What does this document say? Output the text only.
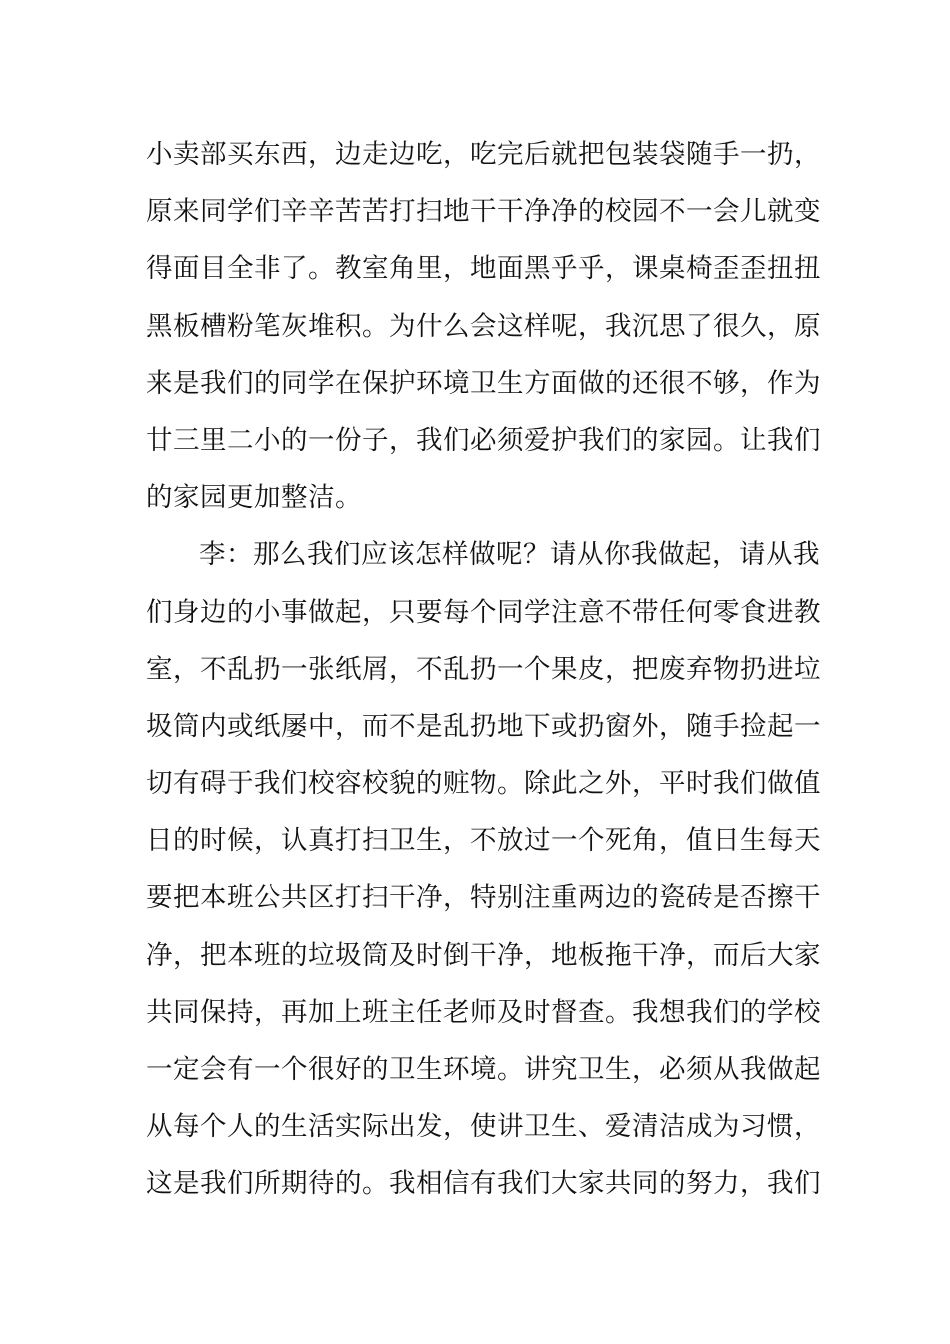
小卖部买东西，边走边吃，吃完后就把包装袋随手一扔，
原来同学们辛辛苦苦打扫地干干净净的校园不一会儿就变
得面目全非了。教室角里，地面黑乎乎，课桌椅歪歪扭扭
黑板槽粉笔灰堆积。为什么会这样呢，我沉思了很久，原
来是我们的同学在保护环境卫生方面做的还很不够，作为
廿三里二小的一份子，我们必须爱护我们的家园。让我们
的家园更加整洁。
李：那么我们应该怎样做呢？请从你我做起，请从我
们身边的小事做起，只要每个同学注意不带任何零食进教
室，不乱扔一张纸屑，不乱扔一个果皮，把废弃物扔进垃
圾筒内或纸屡中，而不是乱扔地下或扔窗外，随手捡起一
切有碍于我们校容校貌的赃物。除此之外，平时我们做值
日的时候，认真打扫卫生，不放过一个死角，值日生每天
要把本班公共区打扫干净，特别注重两边的瓷砖是否擦干
净，把本班的垃圾筒及时倒干净，地板拖干净，而后大家
共同保持，再加上班主任老师及时督查。我想我们的学校
一定会有一个很好的卫生环境。讲究卫生，必须从我做起
从每个人的生活实际出发，使讲卫生、爱清洁成为习惯，
这是我们所期待的。我相信有我们大家共同的努力，我们
